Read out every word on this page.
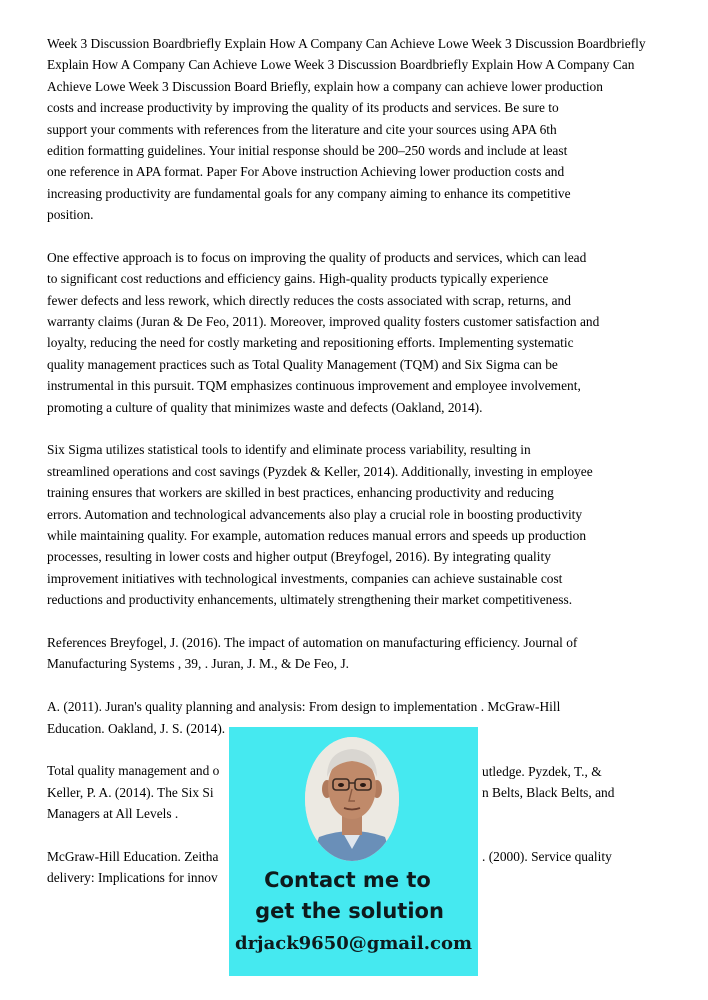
Week 3 Discussion Boardbriefly Explain How A Company Can Achieve Lowe Week 3 Discussion Boardbriefly
Explain How A Company Can Achieve Lowe Week 3 Discussion Boardbriefly Explain How A Company Can
Achieve Lowe Week 3 Discussion Board Briefly, explain how a company can achieve lower production
costs and increase productivity by improving the quality of its products and services. Be sure to
support your comments with references from the literature and cite your sources using APA 6th
edition formatting guidelines. Your initial response should be 200–250 words and include at least
one reference in APA format. Paper For Above instruction Achieving lower production costs and
increasing productivity are fundamental goals for any company aiming to enhance its competitive
position.
One effective approach is to focus on improving the quality of products and services, which can lead
to significant cost reductions and efficiency gains. High-quality products typically experience
fewer defects and less rework, which directly reduces the costs associated with scrap, returns, and
warranty claims (Juran & De Feo, 2011). Moreover, improved quality fosters customer satisfaction and
loyalty, reducing the need for costly marketing and repositioning efforts. Implementing systematic
quality management practices such as Total Quality Management (TQM) and Six Sigma can be
instrumental in this pursuit. TQM emphasizes continuous improvement and employee involvement,
promoting a culture of quality that minimizes waste and defects (Oakland, 2014).
Six Sigma utilizes statistical tools to identify and eliminate process variability, resulting in
streamlined operations and cost savings (Pyzdek & Keller, 2014). Additionally, investing in employee
training ensures that workers are skilled in best practices, enhancing productivity and reducing
errors. Automation and technological advancements also play a crucial role in boosting productivity
while maintaining quality. For example, automation reduces manual errors and speeds up production
processes, resulting in lower costs and higher output (Breyfogel, 2016). By integrating quality
improvement initiatives with technological investments, companies can achieve sustainable cost
reductions and productivity enhancements, ultimately strengthening their market competitiveness.
References Breyfogel, J. (2016). The impact of automation on manufacturing efficiency. Journal of
Manufacturing Systems , 39, . Juran, J. M., & De Feo, J.
A. (2011). Juran's quality planning and analysis: From design to implementation . McGraw-Hill
Education. Oakland, J. S. (2014).
Total quality management and o
Keller, P. A. (2014). The Six Si
Managers at All Levels .
McGraw-Hill Education. Zeitha
delivery: Implications for innov
utledge. Pyzdek, T., &
n Belts, Black Belts, and
. (2000). Service quality
Contact me to
get the solution
drjack9650@gmail.com
